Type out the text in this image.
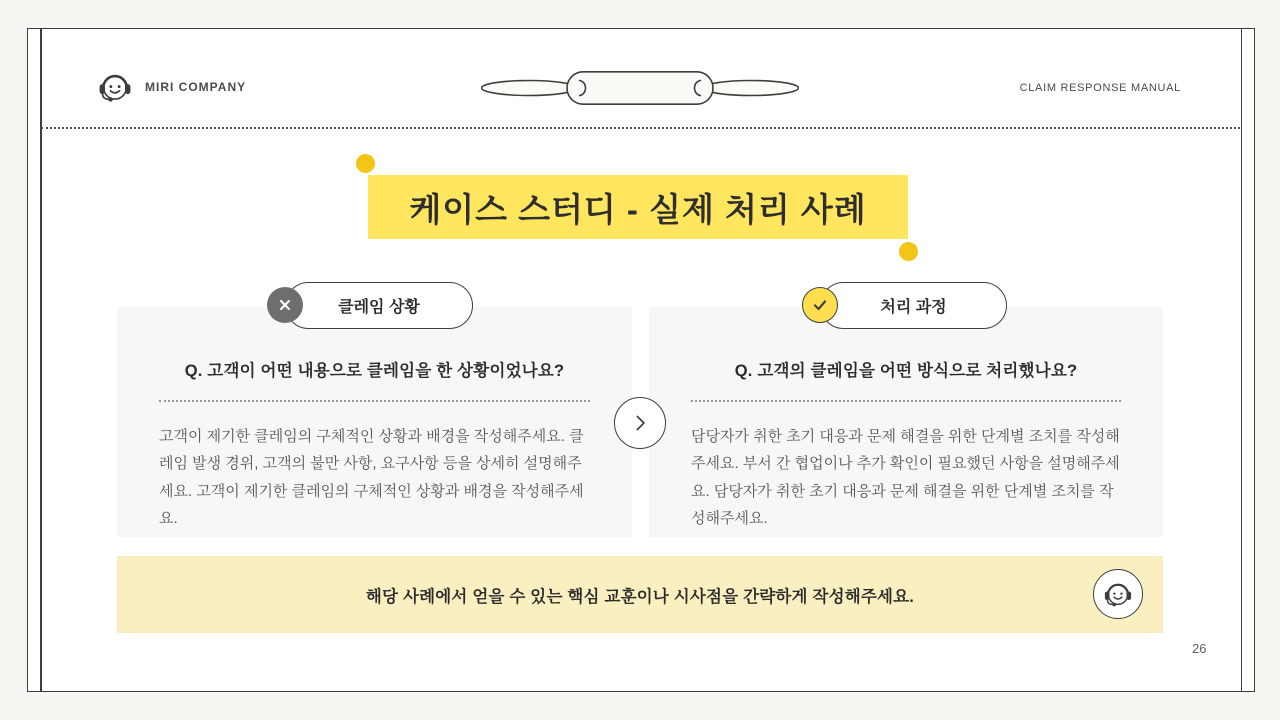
MIRI COMPANY	CLAIM RESPONSE MANUAL
케이스 스터디 - 실제 처리 사례
Q. 고객이 어떤 내용으로 클레임을 한 상황이었나요?
고객이 제기한 클레임의 구체적인 상황과 배경을 작성해주세요. 클레임 발생 경위, 고객의 불만 사항, 요구사항 등을 상세히 설명해주세요. 고객이 제기한 클레임의 구체적인 상황과 배경을 작성해주세요.
클레임 상황
Q. 고객의 클레임을 어떤 방식으로 처리했나요?
담당자가 취한 초기 대응과 문제 해결을 위한 단계별 조치를 작성해주세요. 부서 간 협업이나 추가 확인이 필요했던 사항을 설명해주세요. 담당자가 취한 초기 대응과 문제 해결을 위한 단계별 조치를 작성해주세요.
처리 과정
해당 사례에서 얻을 수 있는 핵심 교훈이나 시사점을 간략하게 작성해주세요.
26
